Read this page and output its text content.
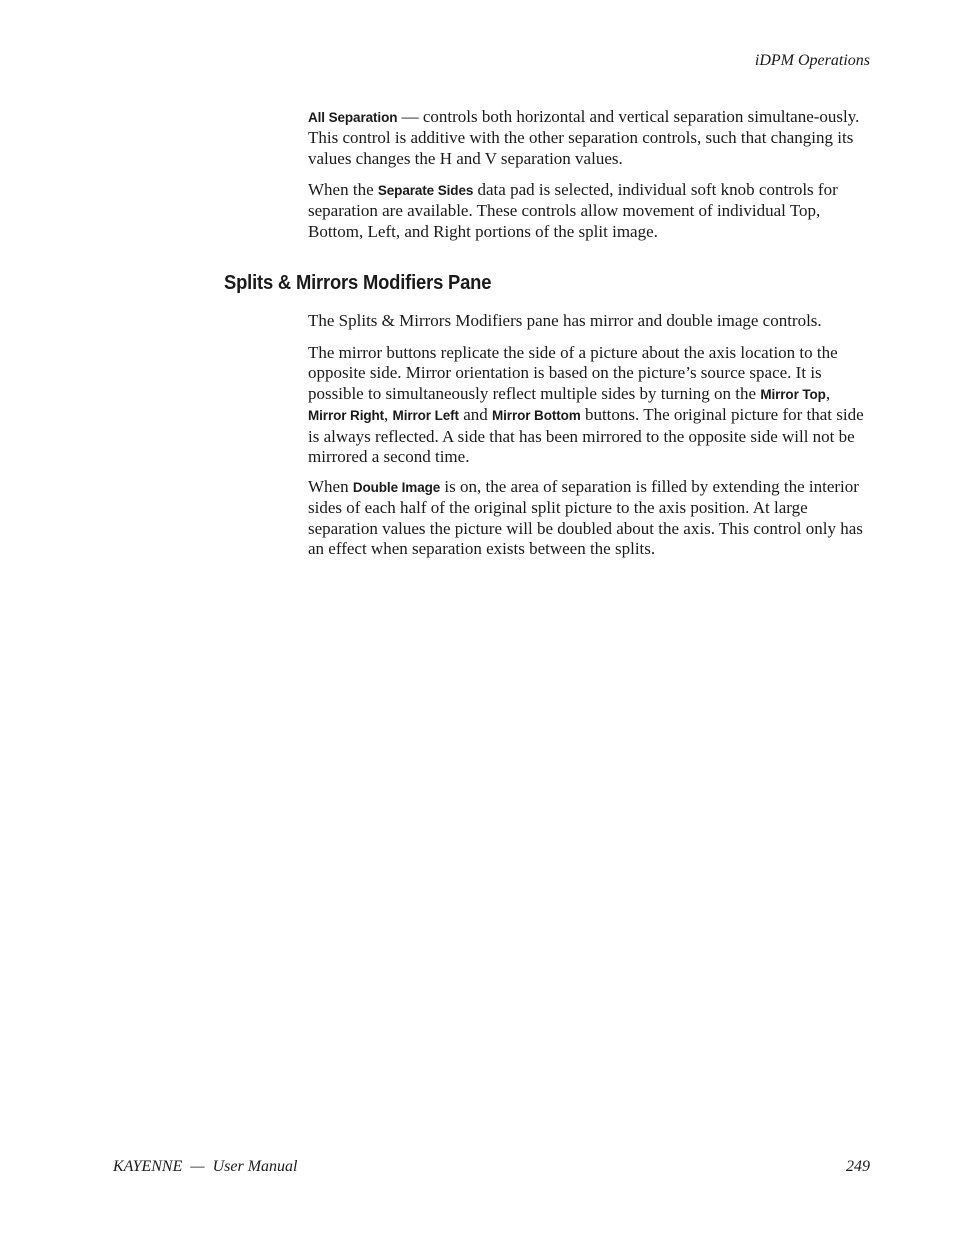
iDPM Operations

All Separation — controls both horizontal and vertical separation simultane-ously. This control is additive with the other separation controls, such that changing its values changes the H and V separation values.

When the Separate Sides data pad is selected, individual soft knob controls for separation are available. These controls allow movement of individual Top, Bottom, Left, and Right portions of the split image.

Splits & Mirrors Modifiers Pane

The Splits & Mirrors Modifiers pane has mirror and double image controls.

The mirror buttons replicate the side of a picture about the axis location to the opposite side. Mirror orientation is based on the picture’s source space. It is possible to simultaneously reflect multiple sides by turning on the Mirror Top, Mirror Right, Mirror Left and Mirror Bottom buttons. The original picture for that side is always reflected. A side that has been mirrored to the opposite side will not be mirrored a second time.

When Double Image is on, the area of separation is filled by extending the interior sides of each half of the original split picture to the axis position. At large separation values the picture will be doubled about the axis. This control only has an effect when separation exists between the splits.

KAYENNE  —  User Manual	249
